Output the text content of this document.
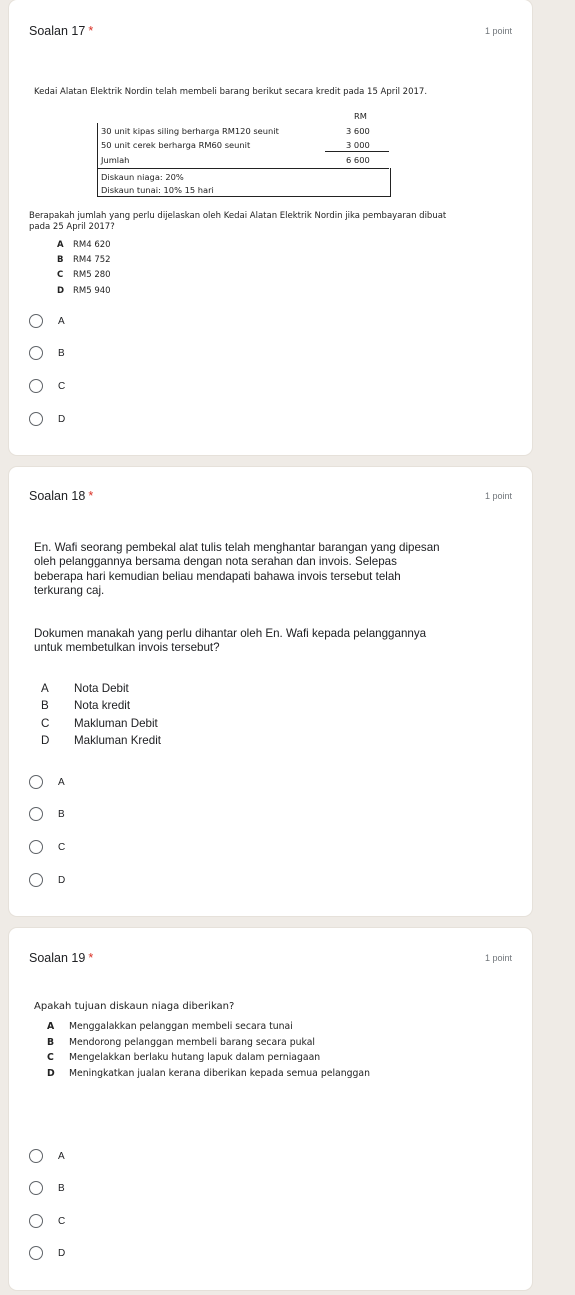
Soalan 17 *	1 point
Kedai Alatan Elektrik Nordin telah membeli barang berikut secara kredit pada 15 April 2017.
RM
30 unit kipas siling berharga RM120 seunit	3 600
50 unit cerek berharga RM60 seunit	3 000
Jumlah	6 600
Diskaun niaga: 20%
Diskaun tunai: 10% 15 hari
Berapakah jumlah yang perlu dijelaskan oleh Kedai Alatan Elektrik Nordin jika pembayaran dibuat
pada 25 April 2017?
A RM4 620
B RM4 752
C RM5 280
D RM5 940
A
B
C
D
Soalan 18 *	1 point
En. Wafi seorang pembekal alat tulis telah menghantar barangan yang dipesan
oleh pelanggannya bersama dengan nota serahan dan invois. Selepas
beberapa hari kemudian beliau mendapati bahawa invois tersebut telah
terkurang caj.
Dokumen manakah yang perlu dihantar oleh En. Wafi kepada pelanggannya
untuk membetulkan invois tersebut?
A Nota Debit
B Nota kredit
C Makluman Debit
D Makluman Kredit
A
B
C
D
Soalan 19 *	1 point
Apakah tujuan diskaun niaga diberikan?
A Menggalakkan pelanggan membeli secara tunai
B Mendorong pelanggan membeli barang secara pukal
C Mengelakkan berlaku hutang lapuk dalam perniagaan
D Meningkatkan jualan kerana diberikan kepada semua pelanggan
A
B
C
D
